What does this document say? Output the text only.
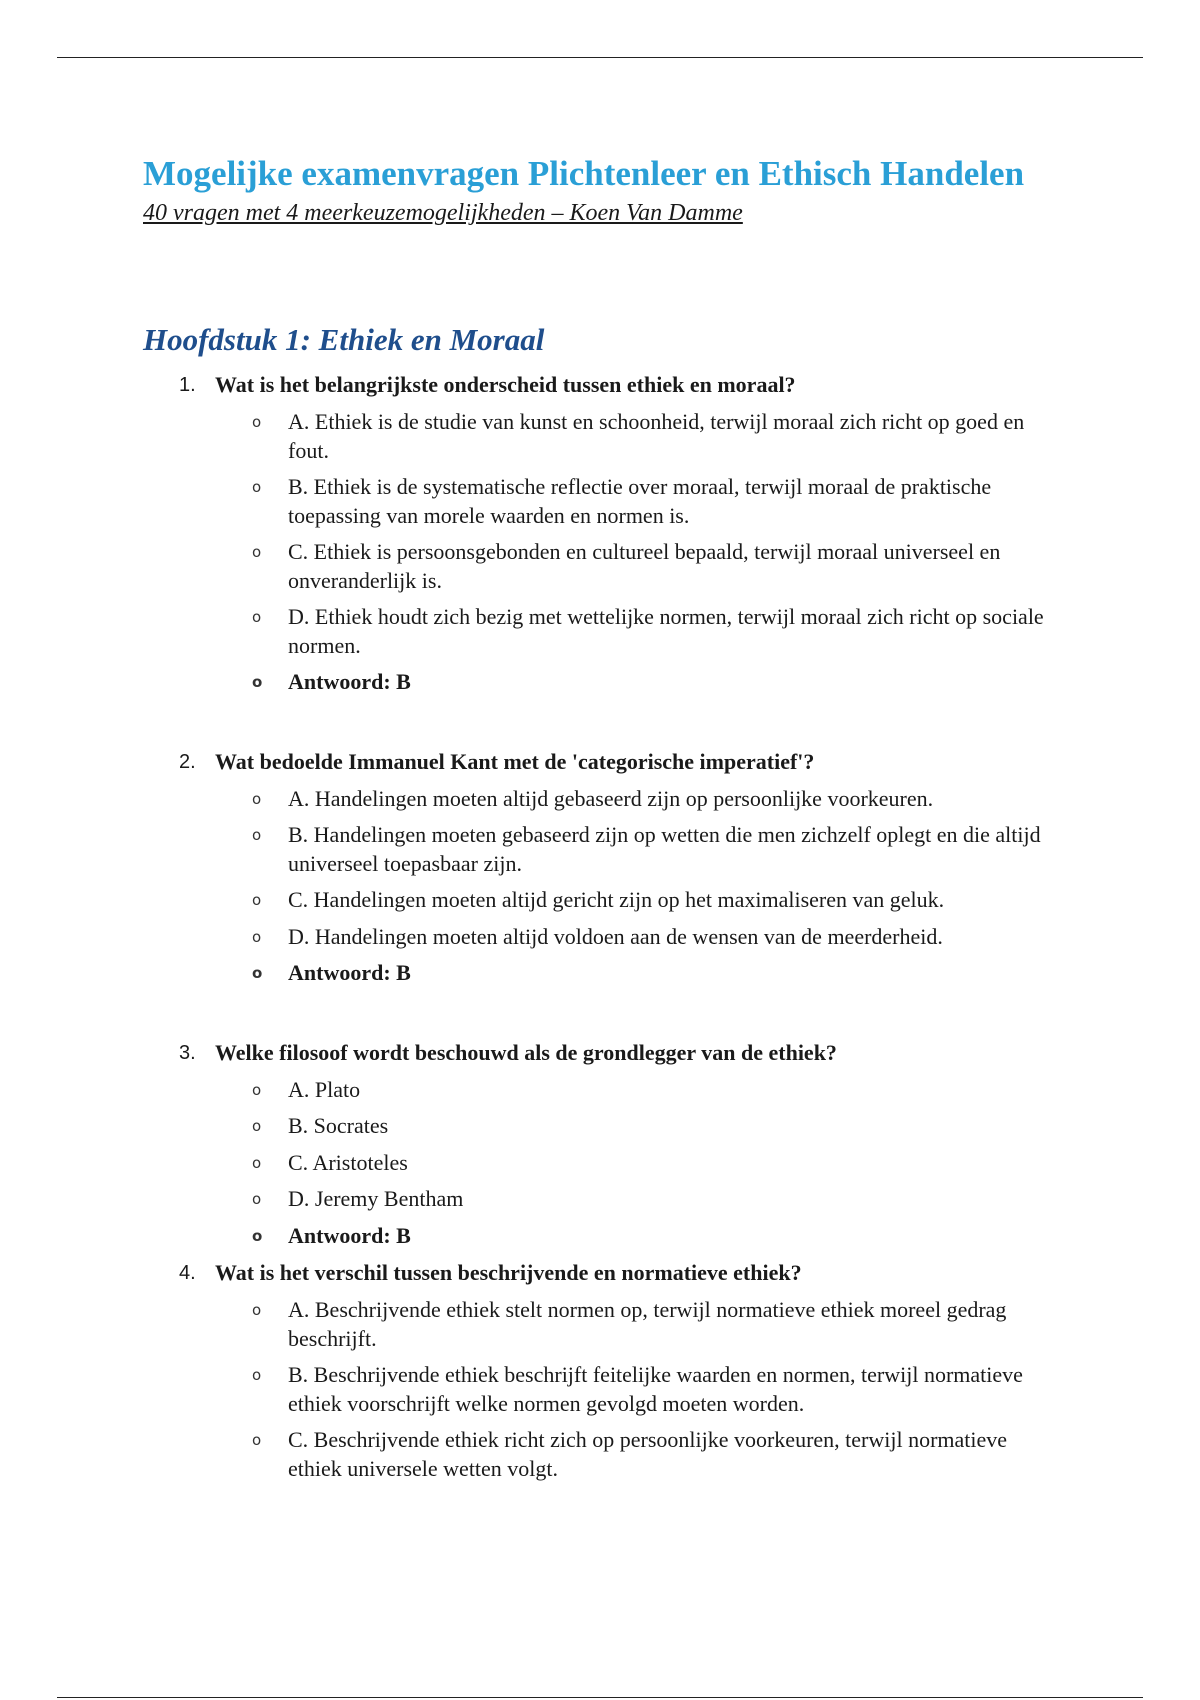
Mogelijke examenvragen Plichtenleer en Ethisch Handelen

40 vragen met 4 meerkeuzemogelijkheden – Koen Van Damme

Hoofdstuk 1: Ethiek en Moraal
1. Wat is het belangrijkste onderscheid tussen ethiek en moraal?
o A. Ethiek is de studie van kunst en schoonheid, terwijl moraal zich richt op goed en fout.
o B. Ethiek is de systematische reflectie over moraal, terwijl moraal de praktische toepassing van morele waarden en normen is.
o C. Ethiek is persoonsgebonden en cultureel bepaald, terwijl moraal universeel en onveranderlijk is.
o D. Ethiek houdt zich bezig met wettelijke normen, terwijl moraal zich richt op sociale normen.
o Antwoord: B
2. Wat bedoelde Immanuel Kant met de 'categorische imperatief'?
o A. Handelingen moeten altijd gebaseerd zijn op persoonlijke voorkeuren.
o B. Handelingen moeten gebaseerd zijn op wetten die men zichzelf oplegt en die altijd universeel toepasbaar zijn.
o C. Handelingen moeten altijd gericht zijn op het maximaliseren van geluk.
o D. Handelingen moeten altijd voldoen aan de wensen van de meerderheid.
o Antwoord: B
3. Welke filosoof wordt beschouwd als de grondlegger van de ethiek?
o A. Plato
o B. Socrates
o C. Aristoteles
o D. Jeremy Bentham
o Antwoord: B
4. Wat is het verschil tussen beschrijvende en normatieve ethiek?
o A. Beschrijvende ethiek stelt normen op, terwijl normatieve ethiek moreel gedrag beschrijft.
o B. Beschrijvende ethiek beschrijft feitelijke waarden en normen, terwijl normatieve ethiek voorschrijft welke normen gevolgd moeten worden.
o C. Beschrijvende ethiek richt zich op persoonlijke voorkeuren, terwijl normatieve ethiek universele wetten volgt.
